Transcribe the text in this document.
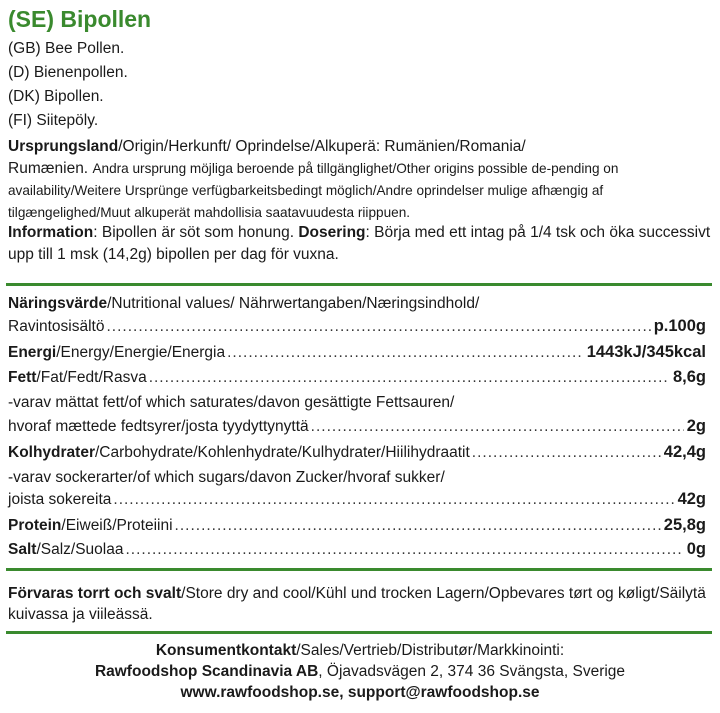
(SE) Bipollen
(GB) Bee Pollen.
(D) Bienenpollen.
(DK) Bipollen.
(FI) Siitepöly.
Ursprungsland/Origin/Herkunft/ Oprindelse/Alkuperä: Rumänien/Romania/
Rumænien. Andra ursprung möjliga beroende på tillgänglighet/Other origins possible de-pending on availability/Weitere Ursprünge verfügbarkeitsbedingt möglich/Andre oprindelser mulige afhængig af tilgængelighed/Muut alkuperät mahdollisia saatavuudesta riippuen.
Information: Bipollen är söt som honung. Dosering: Börja med ett intag på 1/4 tsk och öka successivt upp till 1 msk (14,2g) bipollen per dag för vuxna.
Näringsvärde/Nutritional values/ Nährwertangaben/Næringsindhold/
Ravintosisältö .....	p.100g
Energi /Energy/Energie/Energia .....	1443kJ/345kcal
Fett /Fat/Fedt/Rasva .....	8,6g
-varav mättat fett/of which saturates/davon gesättigte Fettsauren/
hvoraf mættede fedtsyrer/josta tyydyttynyttä .....	2g
Kolhydrater /Carbohydrate/Kohlenhydrate/Kulhydrater/Hiilihydraatit .....	42,4g
-varav sockerarter/of which sugars/davon Zucker/hvoraf sukker/
joista sokereita .....	42g
Protein /Eiweiß/Proteiini .....	25,8g
Salt /Salz/Suolaa .....	0g
Förvaras torrt och svalt/Store dry and cool/Kühl und trocken Lagern/Opbevares tørt og køligt/Säilytä kuivassa ja viileässä.
Konsumentkontakt/Sales/Vertrieb/Distributør/Markkinointi:
Rawfoodshop Scandinavia AB, Öjavadsvägen 2, 374 36 Svängsta, Sverige
www.rawfoodshop.se, support@rawfoodshop.se
